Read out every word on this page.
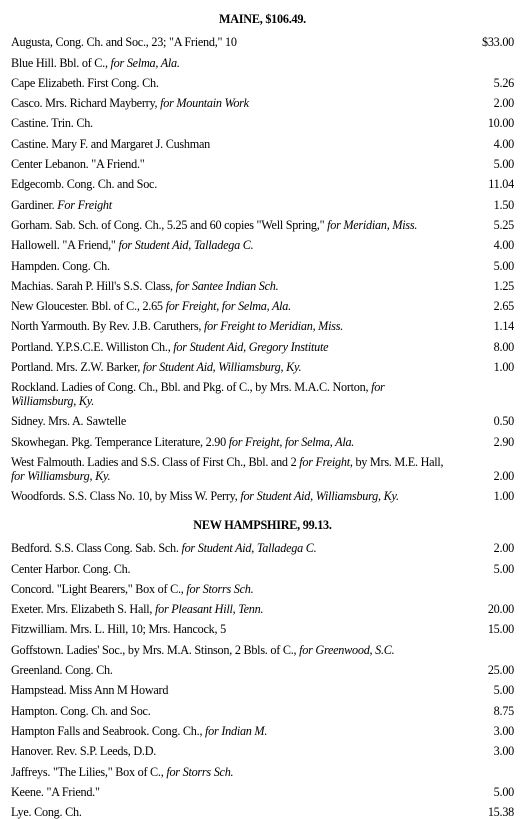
MAINE, $106.49.
Augusta, Cong. Ch. and Soc., 23; "A Friend," 10	$33.00
Blue Hill. Bbl. of C., for Selma, Ala.
Cape Elizabeth. First Cong. Ch.	5.26
Casco. Mrs. Richard Mayberry, for Mountain Work	2.00
Castine. Trin. Ch.	10.00
Castine. Mary F. and Margaret J. Cushman	4.00
Center Lebanon. "A Friend."	5.00
Edgecomb. Cong. Ch. and Soc.	11.04
Gardiner. For Freight	1.50
Gorham. Sab. Sch. of Cong. Ch., 5.25 and 60 copies "Well Spring," for Meridian, Miss.	5.25
Hallowell. "A Friend," for Student Aid, Talladega C.	4.00
Hampden. Cong. Ch.	5.00
Machias. Sarah P. Hill's S.S. Class, for Santee Indian Sch.	1.25
New Gloucester. Bbl. of C., 2.65 for Freight, for Selma, Ala.	2.65
North Yarmouth. By Rev. J.B. Caruthers, for Freight to Meridian, Miss.	1.14
Portland. Y.P.S.C.E. Williston Ch., for Student Aid, Gregory Institute	8.00
Portland. Mrs. Z.W. Barker, for Student Aid, Williamsburg, Ky.	1.00
Rockland. Ladies of Cong. Ch., Bbl. and Pkg. of C., by Mrs. M.A.C. Norton, for Williamsburg, Ky.
Sidney. Mrs. A. Sawtelle	0.50
Skowhegan. Pkg. Temperance Literature, 2.90 for Freight, for Selma, Ala.	2.90
West Falmouth. Ladies and S.S. Class of First Ch., Bbl. and 2 for Freight, by Mrs. M.E. Hall, for Williamsburg, Ky.	2.00
Woodfords. S.S. Class No. 10, by Miss W. Perry, for Student Aid, Williamsburg, Ky.	1.00
NEW HAMPSHIRE, 99.13.
Bedford. S.S. Class Cong. Sab. Sch. for Student Aid, Talladega C.	2.00
Center Harbor. Cong. Ch.	5.00
Concord. "Light Bearers," Box of C., for Storrs Sch.
Exeter. Mrs. Elizabeth S. Hall, for Pleasant Hill, Tenn.	20.00
Fitzwilliam. Mrs. L. Hill, 10; Mrs. Hancock, 5	15.00
Goffstown. Ladies' Soc., by Mrs. M.A. Stinson, 2 Bbls. of C., for Greenwood, S.C.
Greenland. Cong. Ch.	25.00
Hampstead. Miss Ann M Howard	5.00
Hampton. Cong. Ch. and Soc.	8.75
Hampton Falls and Seabrook. Cong. Ch., for Indian M.	3.00
Hanover. Rev. S.P. Leeds, D.D.	3.00
Jaffreys. "The Lilies," Box of C., for Storrs Sch.
Keene. "A Friend."	5.00
Lye. Cong. Ch.	15.38
